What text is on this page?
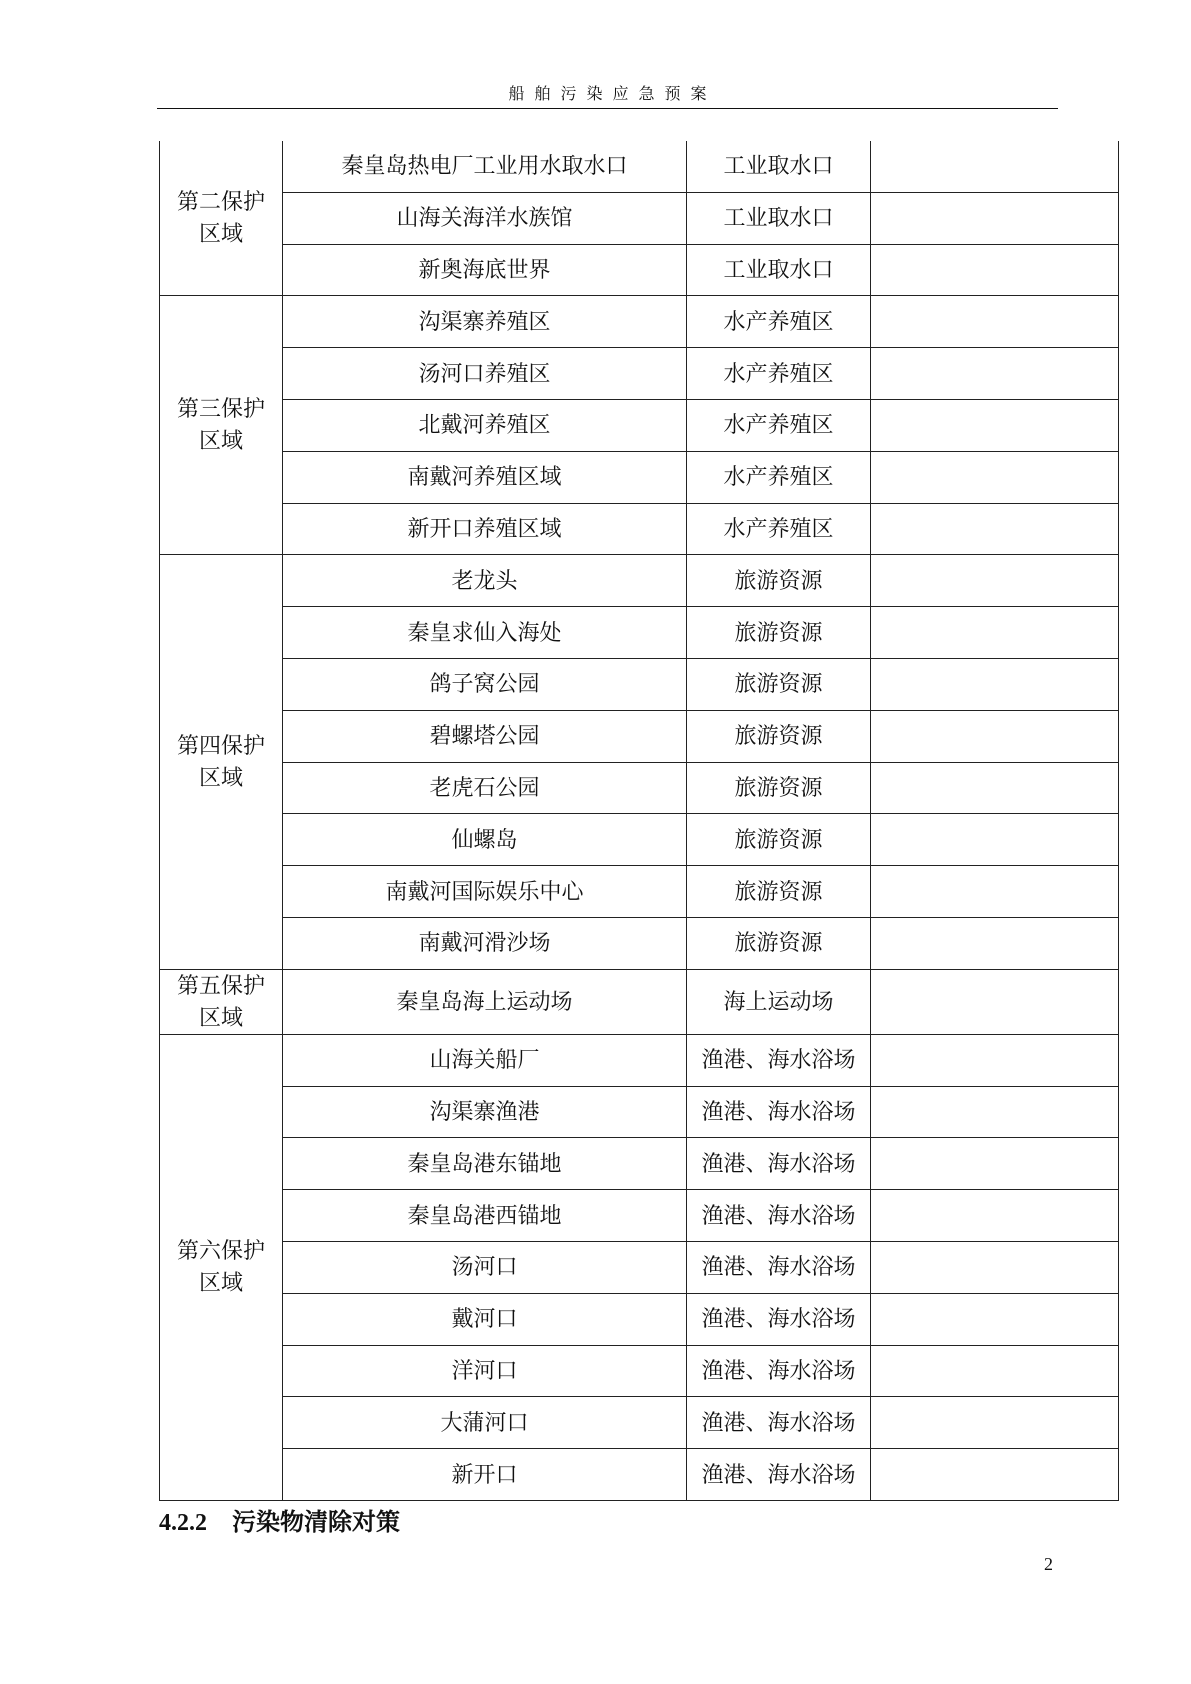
船舶污染应急预案
第二保护区域	秦皇岛热电厂工业用水取水口	工业取水口	
	山海关海洋水族馆	工业取水口	
	新奥海底世界	工业取水口	
第三保护区域	沟渠寨养殖区	水产养殖区	
	汤河口养殖区	水产养殖区	
	北戴河养殖区	水产养殖区	
	南戴河养殖区域	水产养殖区	
	新开口养殖区域	水产养殖区	
第四保护区域	老龙头	旅游资源	
	秦皇求仙入海处	旅游资源	
	鸽子窝公园	旅游资源	
	碧螺塔公园	旅游资源	
	老虎石公园	旅游资源	
	仙螺岛	旅游资源	
	南戴河国际娱乐中心	旅游资源	
	南戴河滑沙场	旅游资源	
第五保护区域	秦皇岛海上运动场	海上运动场	
第六保护区域	山海关船厂	渔港、海水浴场	
	沟渠寨渔港	渔港、海水浴场	
	秦皇岛港东锚地	渔港、海水浴场	
	秦皇岛港西锚地	渔港、海水浴场	
	汤河口	渔港、海水浴场	
	戴河口	渔港、海水浴场	
	洋河口	渔港、海水浴场	
	大蒲河口	渔港、海水浴场	
	新开口	渔港、海水浴场	
4.2.2 污染物清除对策
2
